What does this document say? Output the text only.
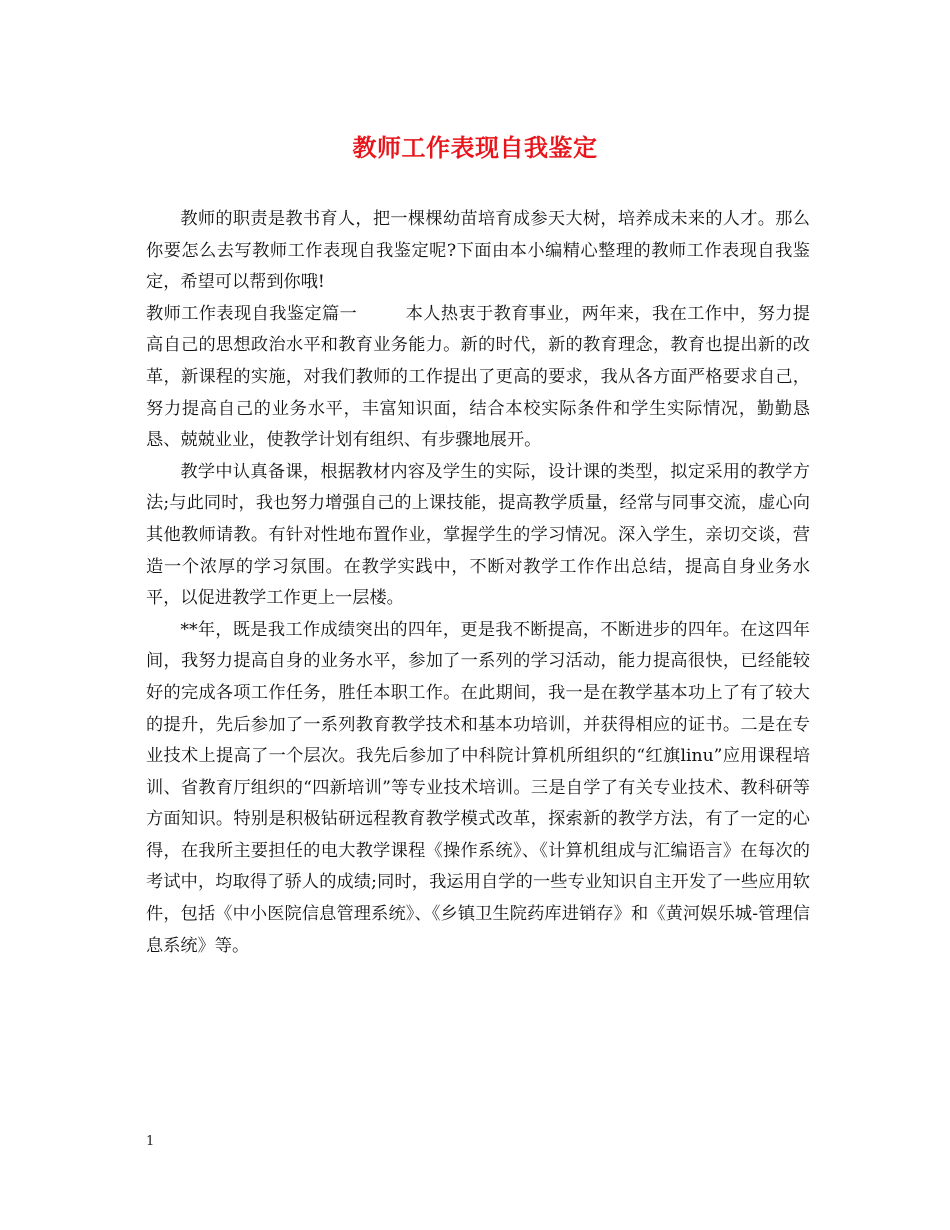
教师工作表现自我鉴定

教师的职责是教书育人，把一棵棵幼苗培育成参天大树，培养成未来的人才。那么你要怎么去写教师工作表现自我鉴定呢?下面由本小编精心整理的教师工作表现自我鉴定，希望可以帮到你哦!

教师工作表现自我鉴定篇一	本人热衷于教育事业，两年来，我在工作中，努力提高自己的思想政治水平和教育业务能力。新的时代，新的教育理念，教育也提出新的改革，新课程的实施，对我们教师的工作提出了更高的要求，我从各方面严格要求自己，努力提高自己的业务水平，丰富知识面，结合本校实际条件和学生实际情况，勤勤恳恳、兢兢业业，使教学计划有组织、有步骤地展开。

教学中认真备课，根据教材内容及学生的实际，设计课的类型，拟定采用的教学方法;与此同时，我也努力增强自己的上课技能，提高教学质量，经常与同事交流，虚心向其他教师请教。有针对性地布置作业，掌握学生的学习情况。深入学生，亲切交谈，营造一个浓厚的学习氛围。在教学实践中，不断对教学工作作出总结，提高自身业务水平，以促进教学工作更上一层楼。

**年，既是我工作成绩突出的四年，更是我不断提高，不断进步的四年。在这四年间，我努力提高自身的业务水平，参加了一系列的学习活动，能力提高很快，已经能较好的完成各项工作任务，胜任本职工作。在此期间，我一是在教学基本功上了有了较大的提升，先后参加了一系列教育教学技术和基本功培训，并获得相应的证书。二是在专业技术上提高了一个层次。我先后参加了中科院计算机所组织的“红旗linu”应用课程培训、省教育厅组织的“四新培训”等专业技术培训。三是自学了有关专业技术、教科研等方面知识。特别是积极钻研远程教育教学模式改革，探索新的教学方法，有了一定的心得，在我所主要担任的电大教学课程《操作系统》、《计算机组成与汇编语言》在每次的考试中，均取得了骄人的成绩;同时，我运用自学的一些专业知识自主开发了一些应用软件，包括《中小医院信息管理系统》、《乡镇卫生院药库进销存》和《黄河娱乐城-管理信息系统》等。

1
